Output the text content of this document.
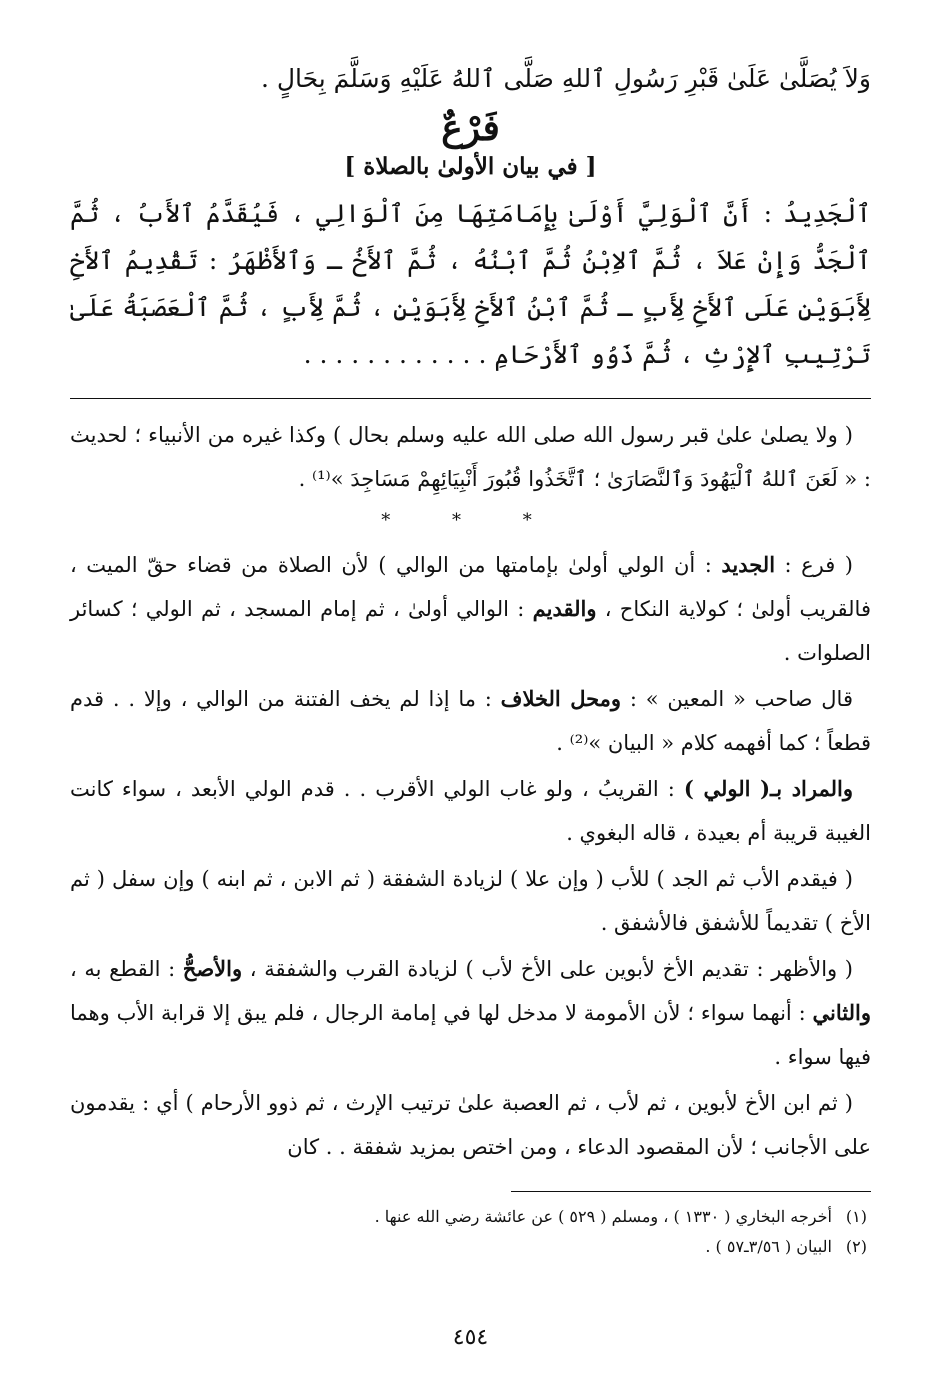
وَلاَ يُصَلَّىٰ عَلَىٰ قَبْرِ رَسُولِ ٱللهِ صَلَّى ٱللهُ عَلَيْهِ وَسَلَّمَ بِحَالٍ .

فَرْعٌ
[ في بيان الأولىٰ بالصلاة ]

ٱلْجَدِيدُ : أَنَّ ٱلْوَلِيَّ أَوْلَىٰ بِإِمَامَتِهَا مِنَ ٱلْوَالِي ، فَيُقَدَّمُ ٱلأَبُ ، ثُمَّ ٱلْجَدُّ وَإِنْ عَلاَ ، ثُمَّ ٱلاِبْنُ ثُمَّ ٱبْنُهُ ، ثُمَّ ٱلأَخُ ـ وَٱلأَظْهَرُ : تَقْدِيمُ ٱلأَخِ لِأَبَوَيْنِ عَلَى ٱلأَخِ لِأَبٍ ـ ثُمَّ ٱبْنُ ٱلأَخِ لِأَبَوَيْنِ ، ثُمَّ لِأَبٍ ، ثُمَّ ٱلْعَصَبَةُ عَلَىٰ تَرْتِيبِ ٱلإِرْثِ ، ثُمَّ ذَوُو ٱلأَرْحَامِ . . . . . . . . . . . .

( ولا يصلىٰ علىٰ قبر رسول الله صلى الله عليه وسلم بحال ) وكذا غيره من الأنبياء ؛ لحديث : « لَعَنَ ٱللهُ ٱلْيَهُودَ وَٱلنَّصَارَىٰ ؛ ٱتَّخَذُوا قُبُورَ أَنْبِيَائِهِمْ مَسَاجِدَ »⁽¹⁾ .

* * *

( فرع : الجديد : أن الولي أولىٰ بإمامتها من الوالي ) لأن الصلاة من قضاء حقّ الميت ، فالقريب أولىٰ ؛ كولاية النكاح ، والقديم : الوالي أولىٰ ، ثم إمام المسجد ، ثم الولي ؛ كسائر الصلوات .

قال صاحب « المعين » : ومحل الخلاف : ما إذا لم يخف الفتنة من الوالي ، وإلا . . قدم قطعاً ؛ كما أفهمه كلام « البيان »⁽²⁾ .

والمراد بـ( الولي ) : القريبُ ، ولو غاب الولي الأقرب . . قدم الولي الأبعد ، سواء كانت الغيبة قريبة أم بعيدة ، قاله البغوي .

( فيقدم الأب ثم الجد ) للأب ( وإن علا ) لزيادة الشفقة ( ثم الابن ، ثم ابنه ) وإن سفل ( ثم الأخ ) تقديماً للأشفق فالأشفق .

( والأظهر : تقديم الأخ لأبوين على الأخ لأب ) لزيادة القرب والشفقة ، والأصحُّ : القطع به ، والثاني : أنهما سواء ؛ لأن الأمومة لا مدخل لها في إمامة الرجال ، فلم يبق إلا قرابة الأب وهما فيها سواء .

( ثم ابن الأخ لأبوين ، ثم لأب ، ثم العصبة علىٰ ترتيب الإرث ، ثم ذوو الأرحام ) أي : يقدمون على الأجانب ؛ لأن المقصود الدعاء ، ومن اختص بمزيد شفقة . . كان

(١)أخرجه البخاري ( ١٣٣٠ ) ، ومسلم ( ٥٢٩ ) عن عائشة رضي الله عنها .

(٢)البيان ( ٣/٥٦ـ٥٧ ) .

٤٥٤
